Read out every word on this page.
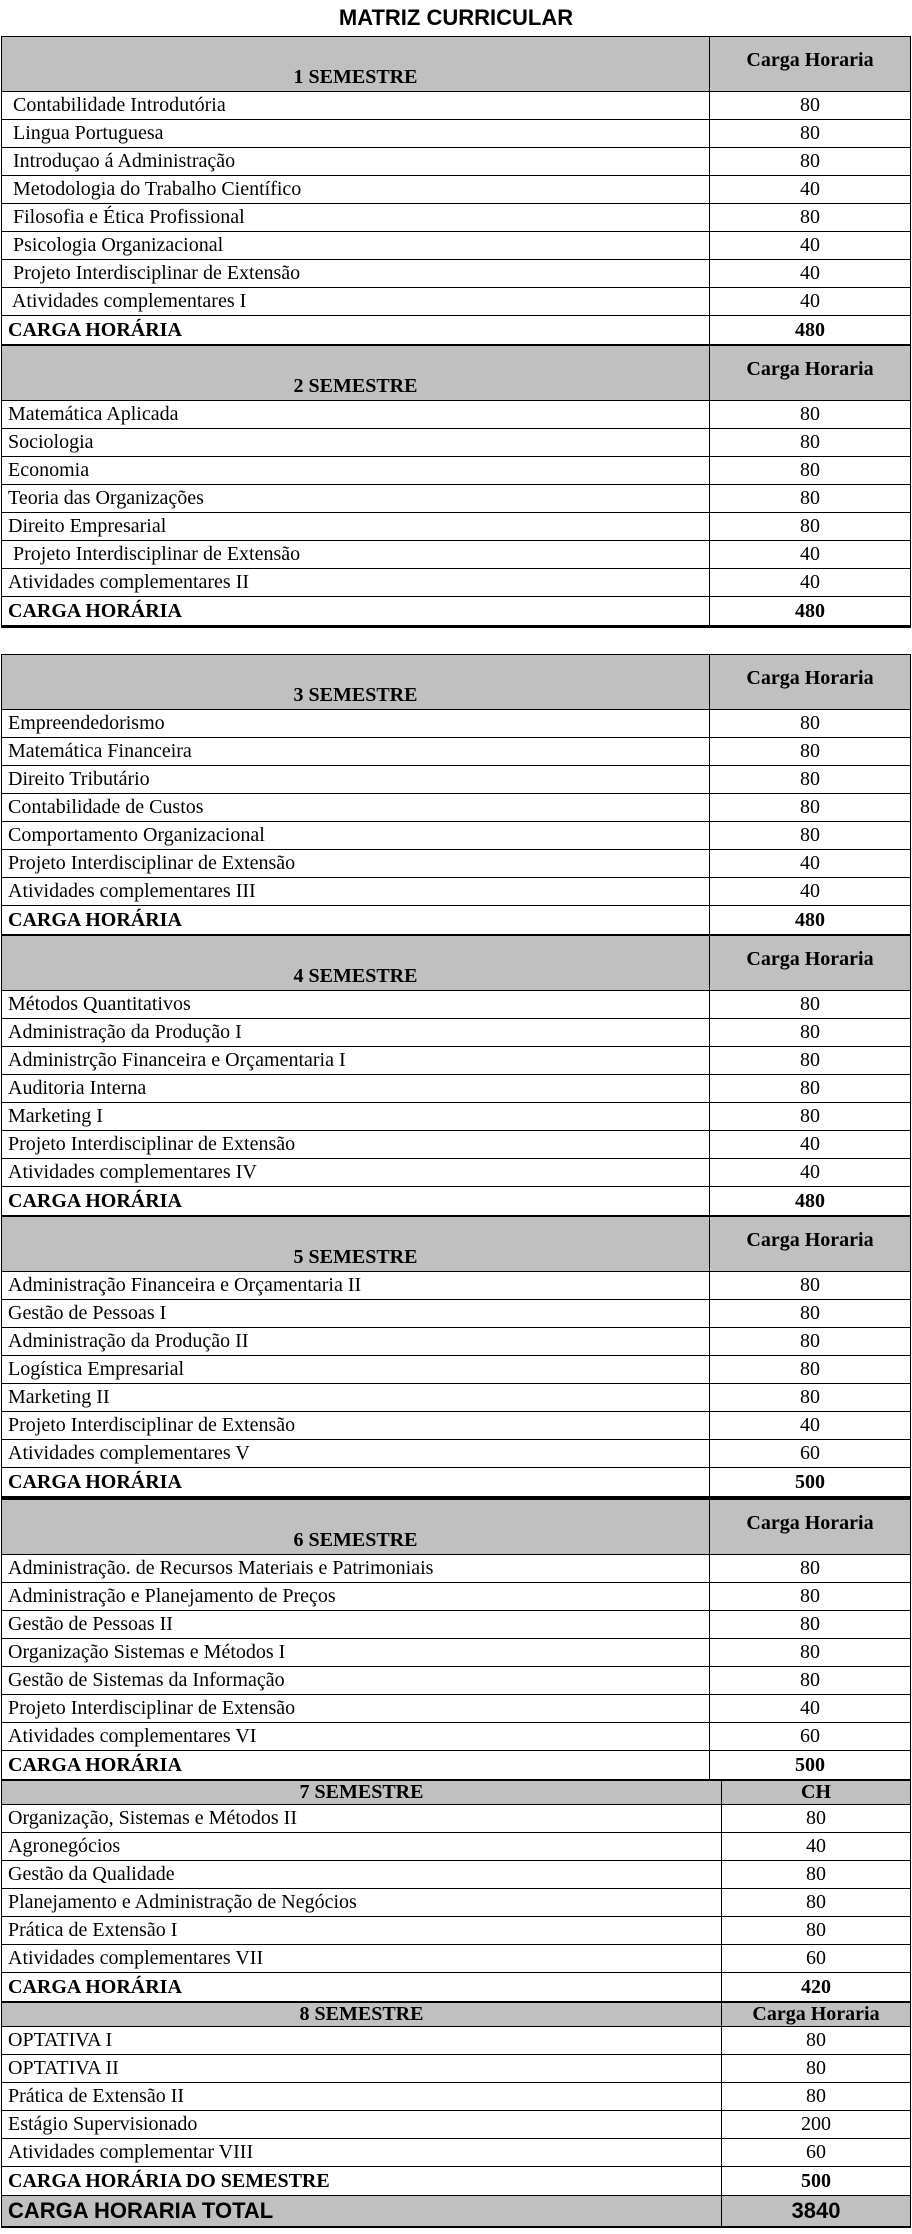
MATRIZ CURRICULAR
1 SEMESTRE	Carga Horaria
Contabilidade Introdutória	80
Lingua Portuguesa	80
Introduçao á Administração	80
Metodologia do Trabalho Científico	40
Filosofia e Ética Profissional	80
Psicologia Organizacional	40
Projeto Interdisciplinar de Extensão	40
Atividades complementares I	40
CARGA HORÁRIA	480
2 SEMESTRE	Carga Horaria
Matemática Aplicada	80
Sociologia	80
Economia	80
Teoria das Organizações	80
Direito Empresarial	80
Projeto Interdisciplinar de Extensão	40
Atividades complementares II	40
CARGA HORÁRIA	480
3 SEMESTRE	Carga Horaria
Empreendedorismo	80
Matemática Financeira	80
Direito Tributário	80
Contabilidade de Custos	80
Comportamento Organizacional	80
Projeto Interdisciplinar de Extensão	40
Atividades complementares III	40
CARGA HORÁRIA	480
4 SEMESTRE	Carga Horaria
Métodos Quantitativos	80
Administração da Produção I	80
Administrção Financeira e Orçamentaria I	80
Auditoria Interna	80
Marketing I	80
Projeto Interdisciplinar de Extensão	40
Atividades complementares IV	40
CARGA HORÁRIA	480
5 SEMESTRE	Carga Horaria
Administração Financeira e Orçamentaria II	80
Gestão de Pessoas I	80
Administração da Produção II	80
Logística Empresarial	80
Marketing II	80
Projeto Interdisciplinar de Extensão	40
Atividades complementares V	60
CARGA HORÁRIA	500
6 SEMESTRE	Carga Horaria
Administração. de Recursos Materiais e Patrimoniais	80
Administração e Planejamento de Preços	80
Gestão de Pessoas II	80
Organização Sistemas e Métodos I	80
Gestão de Sistemas da Informação	80
Projeto Interdisciplinar de Extensão	40
Atividades complementares VI	60
CARGA HORÁRIA	500
7 SEMESTRE	CH
Organização, Sistemas e Métodos II	80
Agronegócios	40
Gestão da Qualidade	80
Planejamento e Administração de Negócios	80
Prática de Extensão I	80
Atividades complementares VII	60
CARGA HORÁRIA	420
8 SEMESTRE	Carga Horaria
OPTATIVA I	80
OPTATIVA II	80
Prática de Extensão II	80
Estágio Supervisionado	200
Atividades complementar VIII	60
CARGA HORÁRIA DO SEMESTRE	500
CARGA HORARIA TOTAL	3840
